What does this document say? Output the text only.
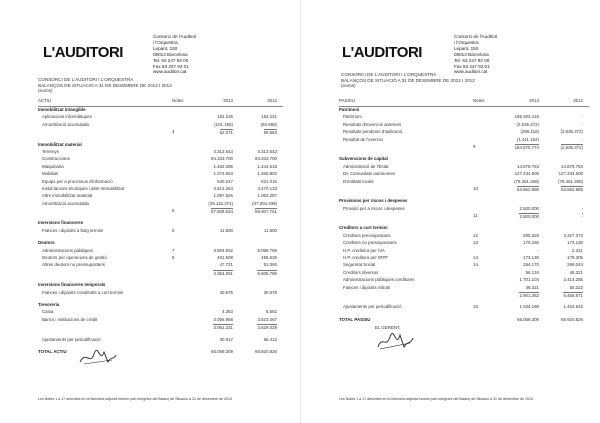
L'AUDITORI
Consorci de l'Auditori
i l'Orquestra
Lepant, 150
08013 Barcelona
Tel. 93 247 93 00
Fax 93 247 93 01
www.auditori.cat
CONSORCI DE L'AUDITORI I L'ORQUESTRA
BALANÇOS DE SITUACIÓ A 31 DE DESEMBRE DE 2013 I 2012
(euros)
ACTIU	Notes	2013	2012
Immobilitzat intangible
Aplicacions informàtiques	163.226	154.221
Amortització acumulada	(101.155)	(84.658)
4	62.071	69.563
Immobilitzat material
Terrenys	3.313.543	3.313.543
Construccions	84.333.700	84.333.700
Maquinària	1.462.085	1.444.618
Mobiliari	1.273.653	1.265.802
Equips per a processos d'informació	640.247	621.016
Instal·lacions tècniques i altre immobilitzat	4.513.254	4.470.133
Altre immobilitzat material	1.087.526	1.063.287
Amortització acumulada	(39.115.374)	(37.004.338)
5	57.508.634	59.507.761
Inversions financeres
Fiances i dipòsits a llarg termini	6	11.600	11.600
Deutors
Administracions públiques	7	3.904.832	5.099.768
Deutors per operacions de gestió	8	401.508	455.625
Altres deutors no pressupostaris	47.721	51.393
4.354.061	5.606.786
Inversions financeres temporals
Fiances i dipòsits constituïts a curt termini	30.675	30.675
Tresoreria
Caixa	4.363	5.562
Bancs i institucions de crèdit	3.056.968	3.623.467
3.061.331	3.629.029
Ajustaments per periodificació	30.917	65.412
TOTAL ACTIU	65.059.309	68.920.826
Les Notes 1 a 17 descrites en la Memòria adjunta formen part integrant del Balanç de Situació a 31 de desembre de 2013
L'AUDITORI
Consorci de l'Auditori
i l'Orquestra
Lepant, 150
08013 Barcelona
Tel. 93 247 93 00
Fax 93 247 93 01
www.auditori.cat
CONSORCI DE L'AUDITORI I L'ORQUESTRA
BALANÇOS DE SITUACIÓ A 31 DE DESEMBRE DE 2013 I 2012
(euros)
PASSIU	Notes	2013	2012
Patrimoni
Patrimoni	189.303.416	-
Resultats d'exercicis anteriors	(2.635.372)	-
Resultats pendents d'aplicació	(286.118)	(2.635.372)
Resultat de l'exercici	(1.411.152)	-
9	184.970.774	(2.635.372)
Subvencions de capital
Administració de l'Estat	14.879.753	14.879.753
De Comunitats autònomes	127.234.500	127.234.500
D'entitats locals	(78.451.268)	(78.451.268)
10	63.662.985	63.662.985
Provisions per riscos i despeses
Provisió per a riscos i despeses	2.500.000	-
11	2.500.000	-
Creditors a curt termini
Creditors pressupostaris	12	500.328	3.327.373
Creditors no pressupostaris	13	170.165	173.130
H.P. creditora per IVA	-	2.321
H.P. creditora per IRPF	14	173.130	179.305
Seguretat Social	14	254.170	266.044
Creditors diversos	56.134	46.321
Administracions públiques creditores	1.701.104	2.414.255
Fiances i dipòsits rebuts	46.321	50.322
2.901.352	6.458.671
Ajustaments per periodificació	15	1.034.198	1.434.542
TOTAL PASSIU	65.059.309	68.920.826
EL GERENT,
Les Notes 1 a 17 descrites en la Memòria adjunta formen part integrant del Balanç de Situació a 31 de desembre de 2013
